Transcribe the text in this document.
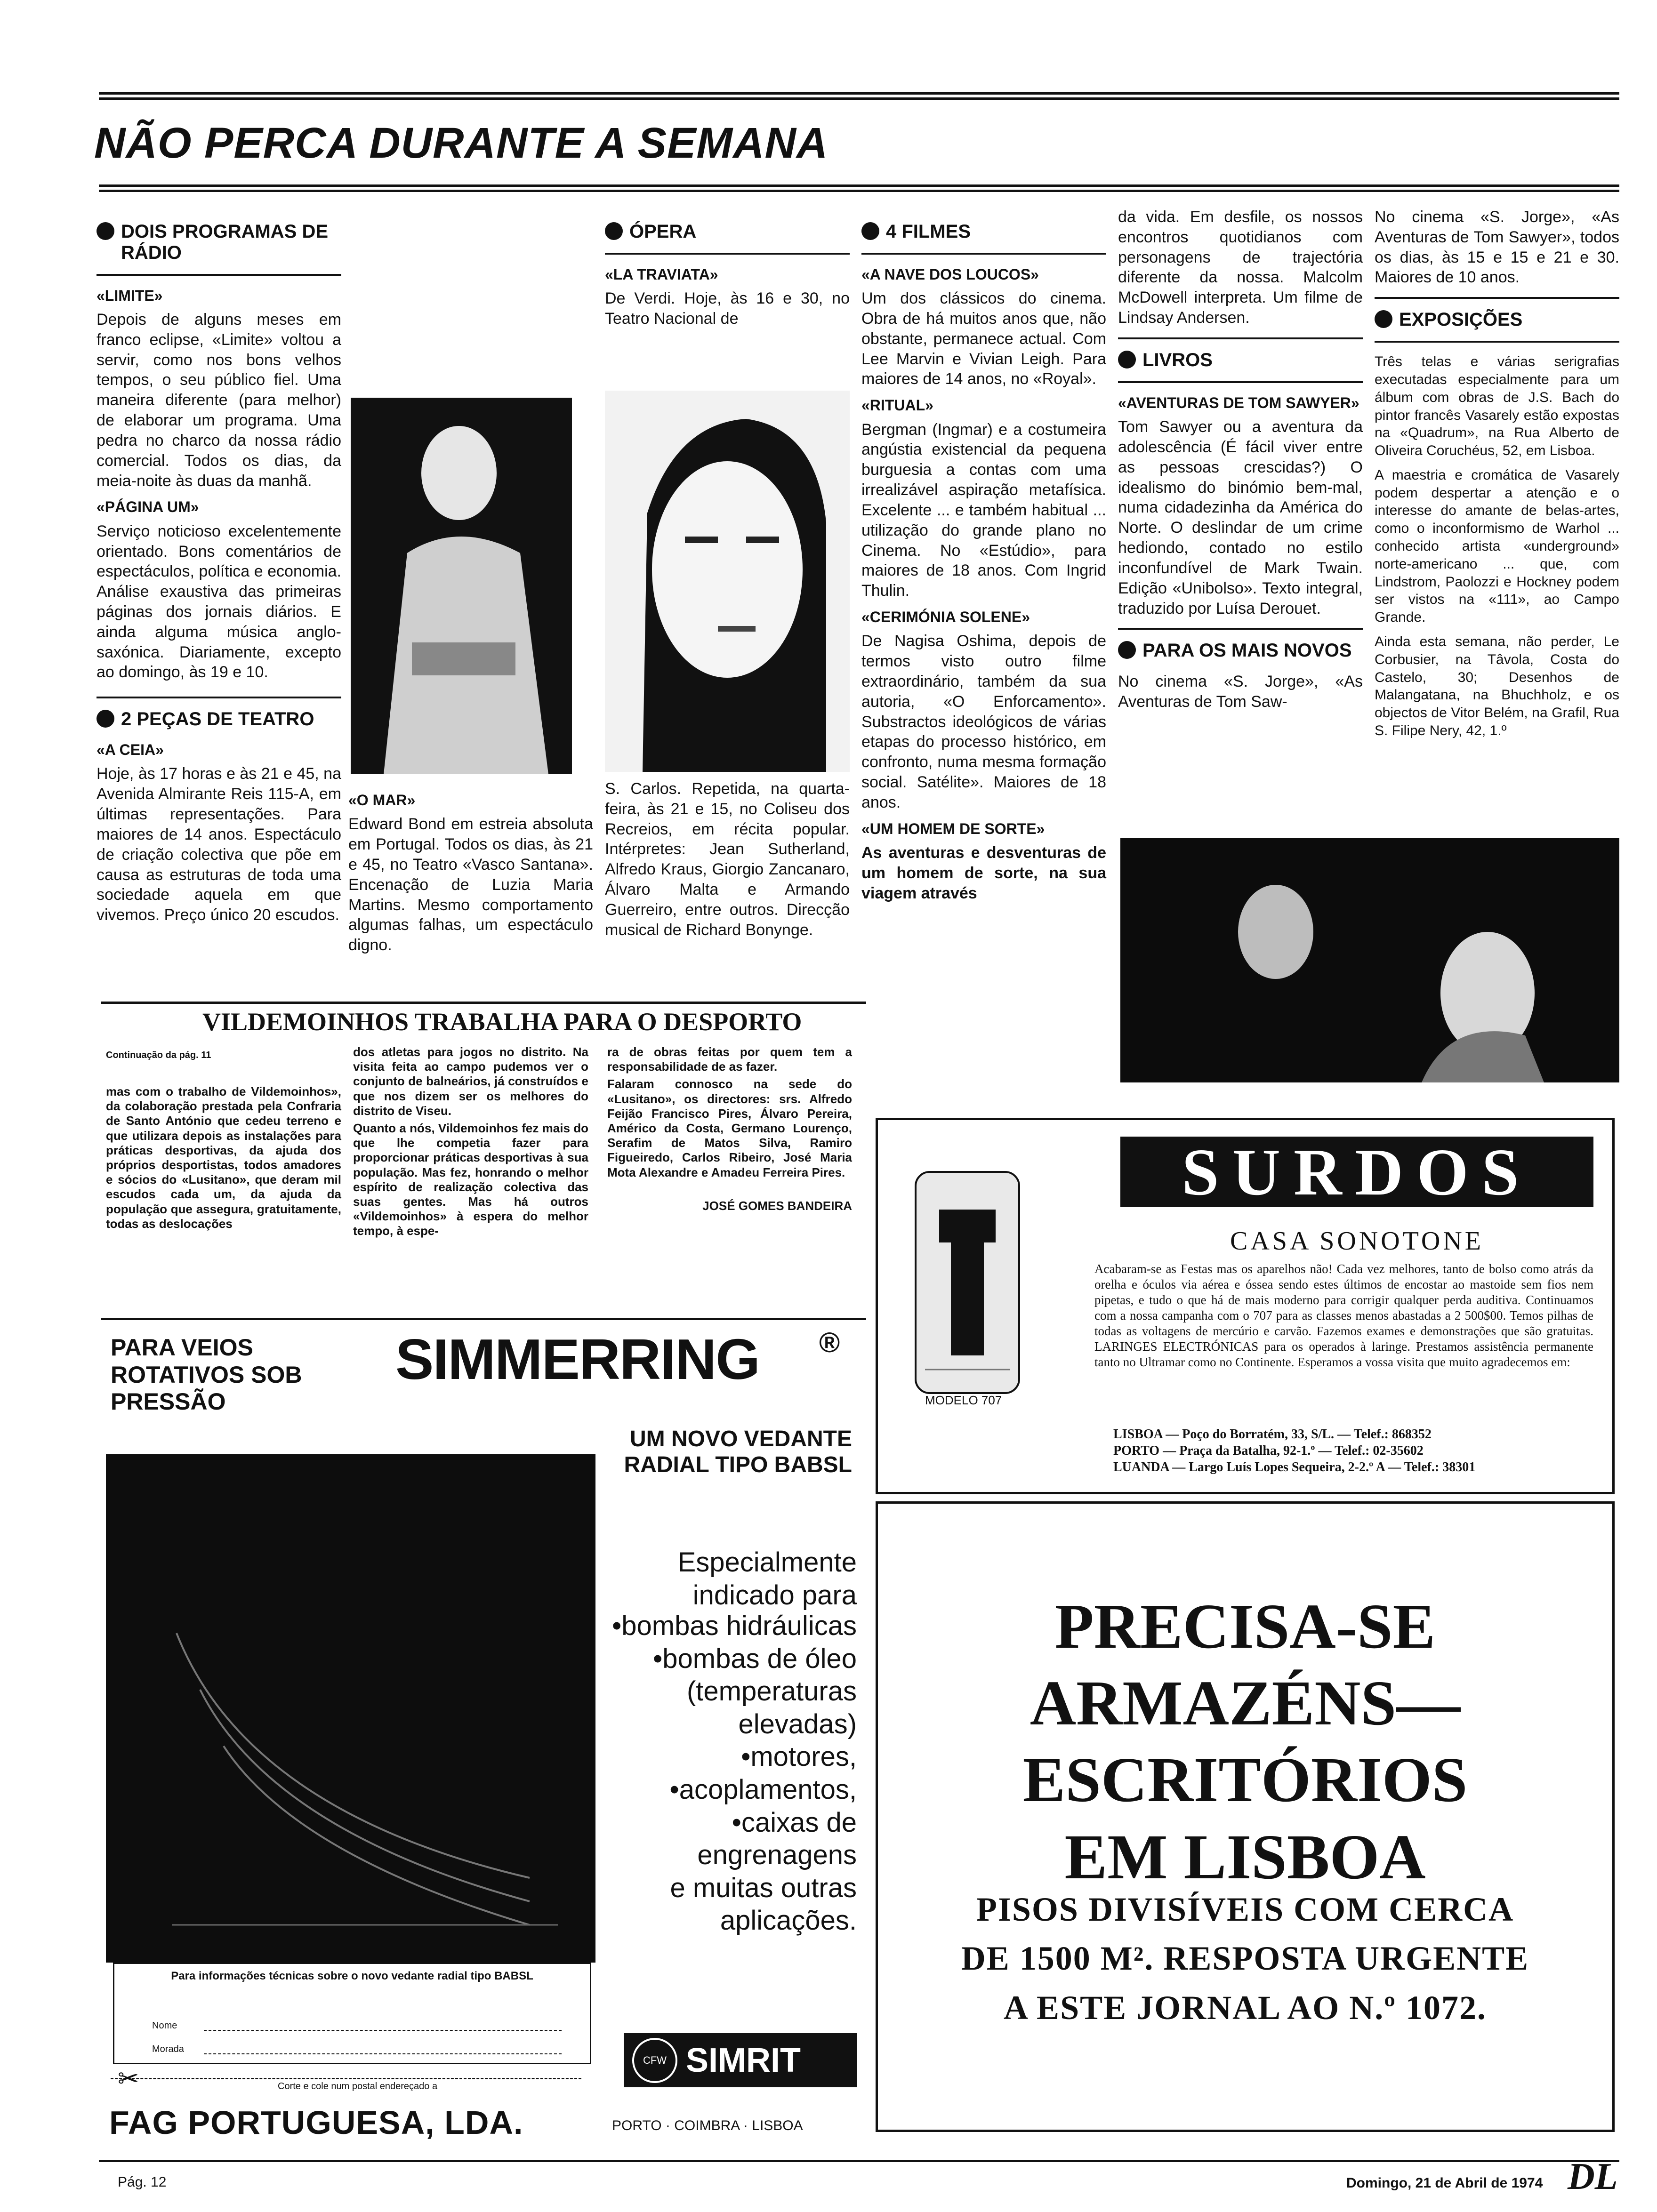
NÃO PERCA DURANTE A SEMANA
DOIS PROGRAMAS DE RÁDIO
«LIMITE»

Depois de alguns meses em franco eclipse, «Limite» voltou a servir, como nos bons velhos tempos, o seu público fiel. Uma maneira diferente (para melhor) de elaborar um programa. Uma pedra no charco da nossa rádio comercial. Todos os dias, da meia-noite às duas da manhã.

«PÁGINA UM»

Serviço noticioso excelentemente orientado. Bons comentários de espectáculos, política e economia. Análise exaustiva das primeiras páginas dos jornais diários. E ainda alguma música anglo-saxónica. Diariamente, excepto ao domingo, às 19 e 10.

2 PEÇAS DE TEATRO
«A CEIA»

Hoje, às 17 horas e às 21 e 45, na Avenida Almirante Reis 115-A, em últimas representações. Para maiores de 14 anos. Espectáculo de criação colectiva que põe em causa as estruturas de toda uma sociedade aquela em que vivemos. Preço único 20 escudos.

«O MAR»

Edward Bond em estreia absoluta em Portugal. Todos os dias, às 21 e 45, no Teatro «Vasco Santana». Encenação de Luzia Maria Martins. Mesmo comportamento algumas falhas, um espectáculo digno.

ÓPERA
«LA TRAVIATA»

De Verdi. Hoje, às 16 e 30, no Teatro Nacional de

S. Carlos. Repetida, na quarta-feira, às 21 e 15, no Coliseu dos Recreios, em récita popular. Intérpretes: Jean Sutherland, Alfredo Kraus, Giorgio Zancanaro, Álvaro Malta e Armando Guerreiro, entre outros. Direcção musical de Richard Bonynge.

4 FILMES
«A NAVE DOS LOUCOS»

Um dos clássicos do cinema. Obra de há muitos anos que, não obstante, permanece actual. Com Lee Marvin e Vivian Leigh. Para maiores de 14 anos, no «Royal».

«RITUAL»

Bergman (Ingmar) e a costumeira angústia existencial da pequena burguesia a contas com uma irrealizável aspiração metafísica. Excelente ... e também habitual ... utilização do grande plano no Cinema. No «Estúdio», para maiores de 18 anos. Com Ingrid Thulin.

«CERIMÓNIA SOLENE»

De Nagisa Oshima, depois de termos visto outro filme extraordinário, também da sua autoria, «O Enforcamento». Substractos ideológicos de várias etapas do processo histórico, em confronto, numa mesma formação social. Satélite». Maiores de 18 anos.

«UM HOMEM DE SORTE»

As aventuras e desventuras de um homem de sorte, na sua viagem através

da vida. Em desfile, os nossos encontros quotidianos com personagens de trajectória diferente da nossa. Malcolm McDowell interpreta. Um filme de Lindsay Andersen.

LIVROS
«AVENTURAS DE TOM SAWYER»

Tom Sawyer ou a aventura da adolescência (É fácil viver entre as pessoas crescidas?) O idealismo do binómio bem-mal, numa cidadezinha da América do Norte. O deslindar de um crime hediondo, contado no estilo inconfundível de Mark Twain. Edição «Unibolso». Texto integral, traduzido por Luísa Derouet.

PARA OS MAIS NOVOS

No cinema «S. Jorge», «As Aventuras de Tom Saw-

No cinema «S. Jorge», «As Aventuras de Tom Sawyer», todos os dias, às 15 e 15 e 21 e 30. Maiores de 10 anos.

EXPOSIÇÕES

Três telas e várias serigrafias executadas especialmente para um álbum com obras de J.S. Bach do pintor francês Vasarely estão expostas na «Quadrum», na Rua Alberto de Oliveira Coruchéus, 52, em Lisboa.

A maestria e cromática de Vasarely podem despertar a atenção e o interesse do amante de belas-artes, como o inconformismo de Warhol ... conhecido artista «underground» norte-americano ... que, com Lindstrom, Paolozzi e Hockney podem ser vistos na «111», ao Campo Grande.

Ainda esta semana, não perder, Le Corbusier, na Tâvola, Costa do Castelo, 30; Desenhos de Malangatana, na Bhuchholz, e os objectos de Vitor Belém, na Grafil, Rua S. Filipe Nery, 42, 1.º

VILDEMOINHOS TRABALHA PARA O DESPORTO

Continuação da pág. 11

mas com o trabalho de Vildemoinhos», da colaboração prestada pela Confraria de Santo António que cedeu terreno e que utilizara depois as instalações para práticas desportivas, da ajuda dos próprios desportistas, todos amadores e sócios do «Lusitano», que deram mil escudos cada um, da ajuda da população que assegura, gratuitamente, todas as deslocações

dos atletas para jogos no distrito. Na visita feita ao campo pudemos ver o conjunto de balneários, já construídos e que nos dizem ser os melhores do distrito de Viseu.

Quanto a nós, Vildemoinhos fez mais do que lhe competia fazer para proporcionar práticas desportivas à sua população. Mas fez, honrando o melhor espírito de realização colectiva das suas gentes. Mas há outros «Vildemoinhos» à espera do melhor tempo, à espe-

ra de obras feitas por quem tem a responsabilidade de as fazer.

Falaram connosco na sede do «Lusitano», os directores: srs. Alfredo Feijão Francisco Pires, Álvaro Pereira, Américo da Costa, Germano Lourenço, Serafim de Matos Silva, Ramiro Figueiredo, Carlos Ribeiro, José Maria Mota Alexandre e Amadeu Ferreira Pires.

JOSÉ GOMES BANDEIRA

PARA VEIOS ROTATIVOS SOB PRESSÃO
SIMMERRING ®
UM NOVO VEDANTE RADIAL TIPO BABSL
Especialmente indicado para
•bombas hidráulicas
•bombas de óleo (temperaturas elevadas)
•motores,
•acoplamentos,
•caixas de engrenagens
e muitas outras aplicações.
Para informações técnicas sobre o novo vedante radial tipo BABSL
Nome
Morada
✂	Corte e cole num postal endereçado a
CFW SIMRIT
FAG PORTUGUESA, LDA.	PORTO · COIMBRA · LISBOA
MODELO 707
SURDOS
CASA SONOTONE
Acabaram-se as Festas mas os aparelhos não! Cada vez melhores, tanto de bolso como atrás da orelha e óculos via aérea e óssea sendo estes últimos de encostar ao mastoide sem fios nem pipetas, e tudo o que há de mais moderno para corrigir qualquer perda auditiva. Continuamos com a nossa campanha com o 707 para as classes menos abastadas a 2 500$00. Temos pilhas de todas as voltagens de mercúrio e carvão. Fazemos exames e demonstrações que são gratuitas. LARINGES ELECTRÓNICAS para os operados à laringe. Prestamos assistência permanente tanto no Ultramar como no Continente. Esperamos a vossa visita que muito agradecemos em:
LISBOA — Poço do Borratém, 33, S/L. — Telef.: 868352
PORTO — Praça da Batalha, 92-1.º — Telef.: 02-35602
LUANDA — Largo Luís Lopes Sequeira, 2-2.º A — Telef.: 38301
PRECISA-SE
ARMAZÉNS—ESCRITÓRIOS
EM LISBOA
PISOS DIVISÍVEIS COM CERCA
DE 1500 M². RESPOSTA URGENTE
A ESTE JORNAL AO N.º 1072.
Pág. 12	Domingo, 21 de Abril de 1974 DL
